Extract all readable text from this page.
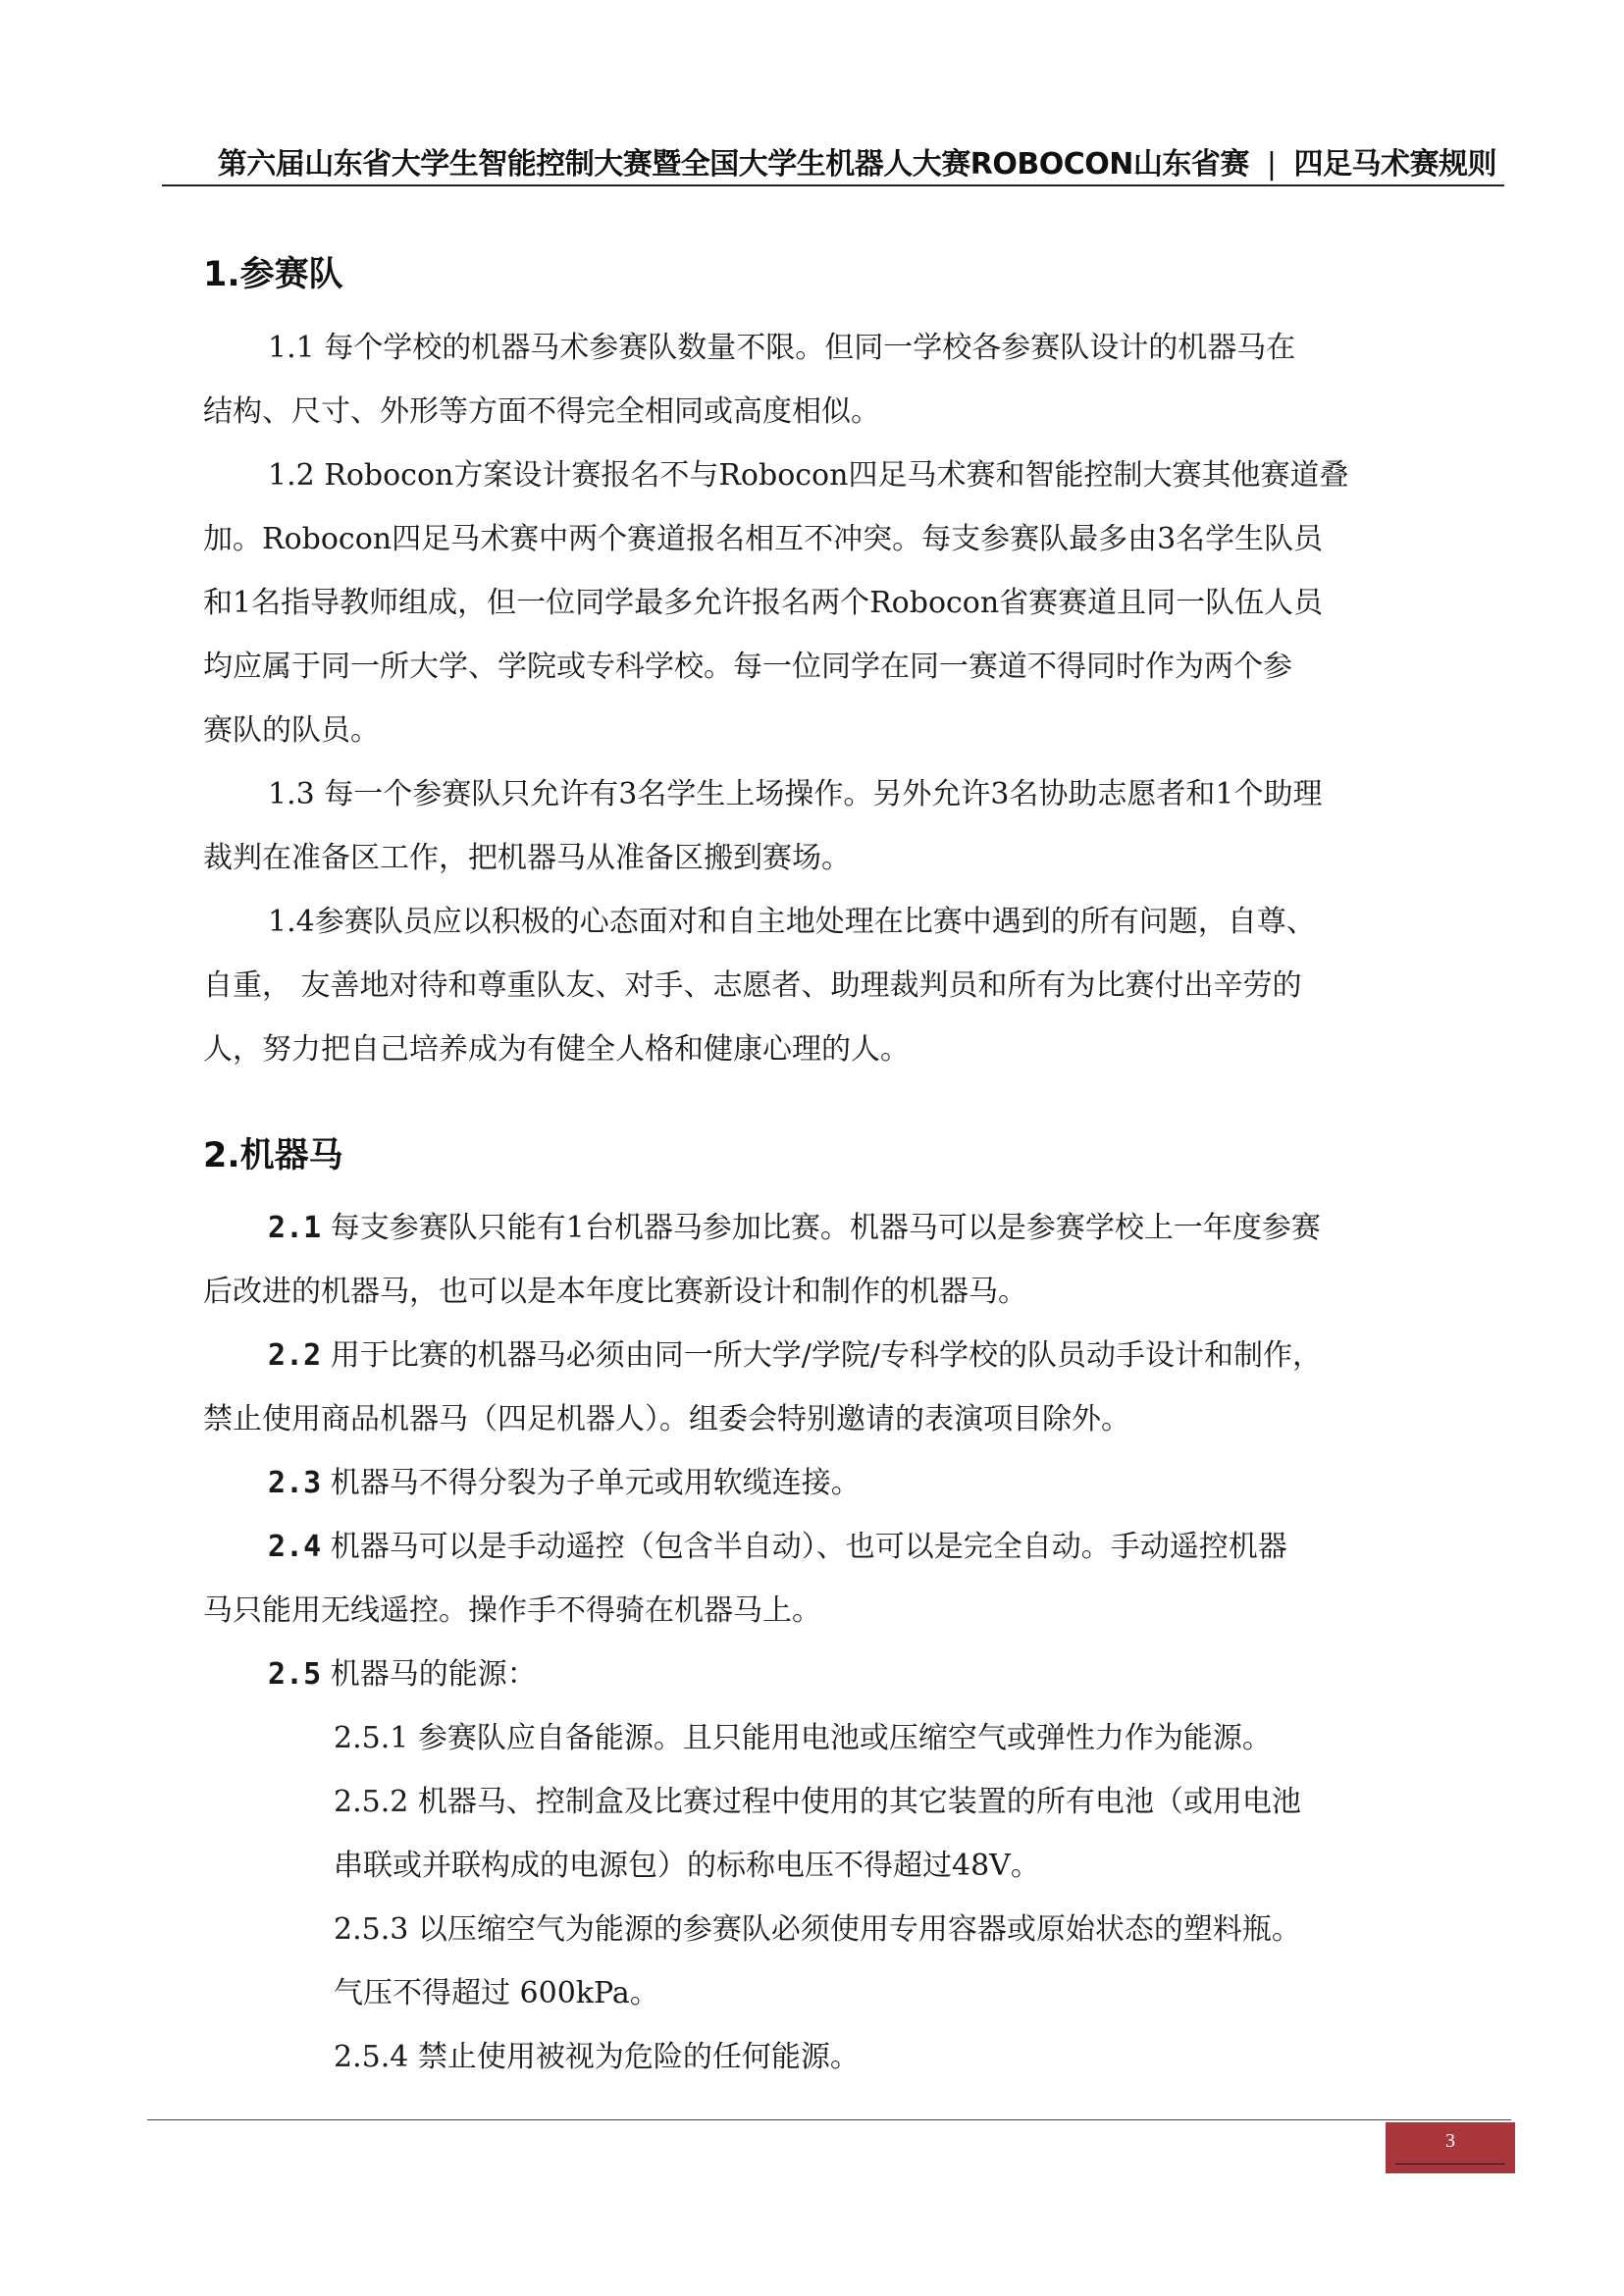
第六届山东省大学生智能控制大赛暨全国大学生机器人大赛ROBOCON山东省赛 | 四足马术赛规则
1.参赛队
1.1 每个学校的机器马术参赛队数量不限。但同一学校各参赛队设计的机器马在
结构、尺寸、外形等方面不得完全相同或高度相似。
1.2 Robocon方案设计赛报名不与Robocon四足马术赛和智能控制大赛其他赛道叠
加。Robocon四足马术赛中两个赛道报名相互不冲突。每支参赛队最多由3名学生队员
和1名指导教师组成，但一位同学最多允许报名两个Robocon省赛赛道且同一队伍人员
均应属于同一所大学、学院或专科学校。每一位同学在同一赛道不得同时作为两个参
赛队的队员。
1.3 每一个参赛队只允许有3名学生上场操作。另外允许3名协助志愿者和1个助理
裁判在准备区工作，把机器马从准备区搬到赛场。
1.4参赛队员应以积极的心态面对和自主地处理在比赛中遇到的所有问题，自尊、
自重， 友善地对待和尊重队友、对手、志愿者、助理裁判员和所有为比赛付出辛劳的
人，努力把自己培养成为有健全人格和健康心理的人。
2.机器马
2.1 每支参赛队只能有1台机器马参加比赛。机器马可以是参赛学校上一年度参赛
后改进的机器马，也可以是本年度比赛新设计和制作的机器马。
2.2 用于比赛的机器马必须由同一所大学/学院/专科学校的队员动手设计和制作，
禁止使用商品机器马（四足机器人）。组委会特别邀请的表演项目除外。
2.3 机器马不得分裂为子单元或用软缆连接。
2.4 机器马可以是手动遥控（包含半自动）、也可以是完全自动。手动遥控机器
马只能用无线遥控。操作手不得骑在机器马上。
2.5 机器马的能源：
2.5.1 参赛队应自备能源。且只能用电池或压缩空气或弹性力作为能源。
2.5.2 机器马、控制盒及比赛过程中使用的其它装置的所有电池（或用电池
串联或并联构成的电源包）的标称电压不得超过48V。
2.5.3 以压缩空气为能源的参赛队必须使用专用容器或原始状态的塑料瓶。
气压不得超过 600kPa。
2.5.4 禁止使用被视为危险的任何能源。
3
